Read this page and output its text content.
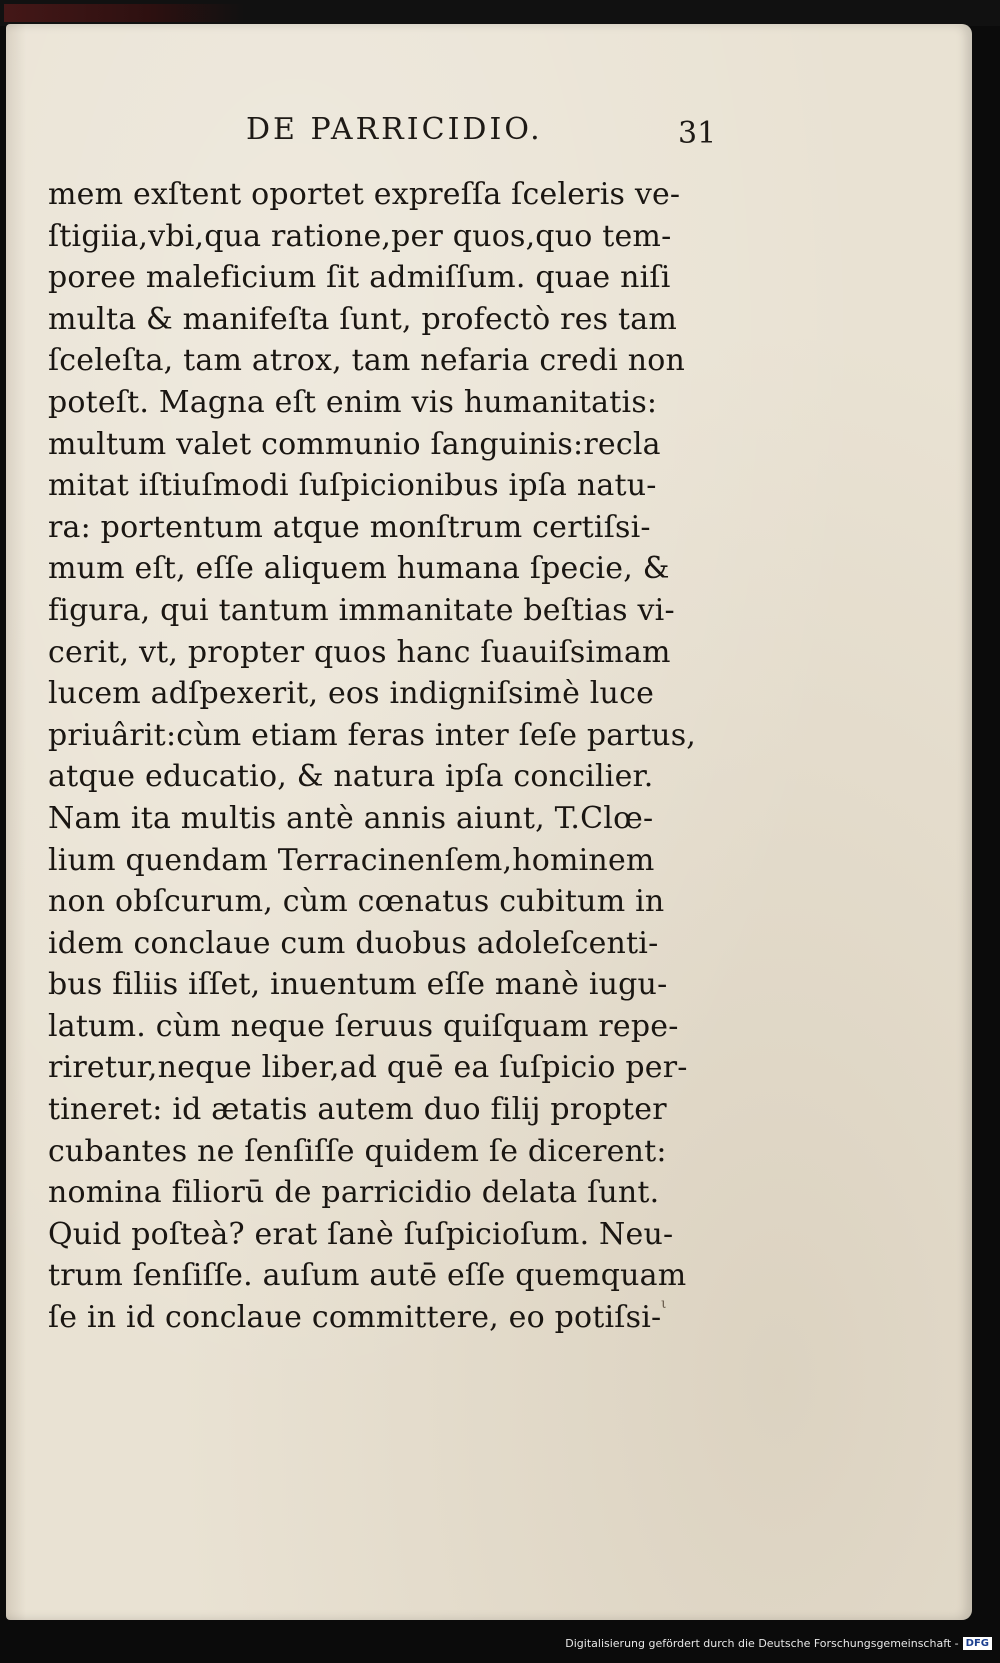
DE PARRICIDIO.	31
mem exſtent oportet expreſſa ſceleris ve-
ſtigiia,vbi,qua ratione,per quos,quo tem-
poree maleficium ſit admiſſum. quae niſi
multa & manifeſta ſunt, profectò res tam
ſceleſta, tam atrox, tam nefaria credi non
poteſt. Magna eſt enim vis humanitatis:
multum valet communio ſanguinis:recla
mitat iſtiuſmodi ſuſpicionibus ipſa natu-
ra: portentum atque monſtrum certiſsi-
mum eſt, eſſe aliquem humana ſpecie, &
figura, qui tantum immanitate beſtias vi-
cerit, vt, propter quos hanc ſuauiſsimam
lucem adſpexerit, eos indigniſsimè luce
priuârit:cùm etiam feras inter ſeſe partus,
atque educatio, & natura ipſa concilier.
Nam ita multis antè annis aiunt, T.Clœ-
lium quendam Terracinenſem,hominem
non obſcurum, cùm cœnatus cubitum in
idem conclaue cum duobus adoleſcenti-
bus filiis iſſet, inuentum eſſe manè iugu-
latum. cùm neque ſeruus quiſquam repe-
riretur,neque liber,ad quē ea ſuſpicio per-
tineret: id ætatis autem duo filij propter
cubantes ne ſenſiſſe quidem ſe dicerent:
nomina filiorū de parricidio delata ſunt.
Quid poſteà? erat ſanè ſuſpicioſum. Neu-
trum ſenſiſſe. auſum autē eſſe quemquam
ſe in id conclaue committere, eo potiſsi- ι
Digitalisierung gefördert durch die Deutsche Forschungsgemeinschaft - DFG
